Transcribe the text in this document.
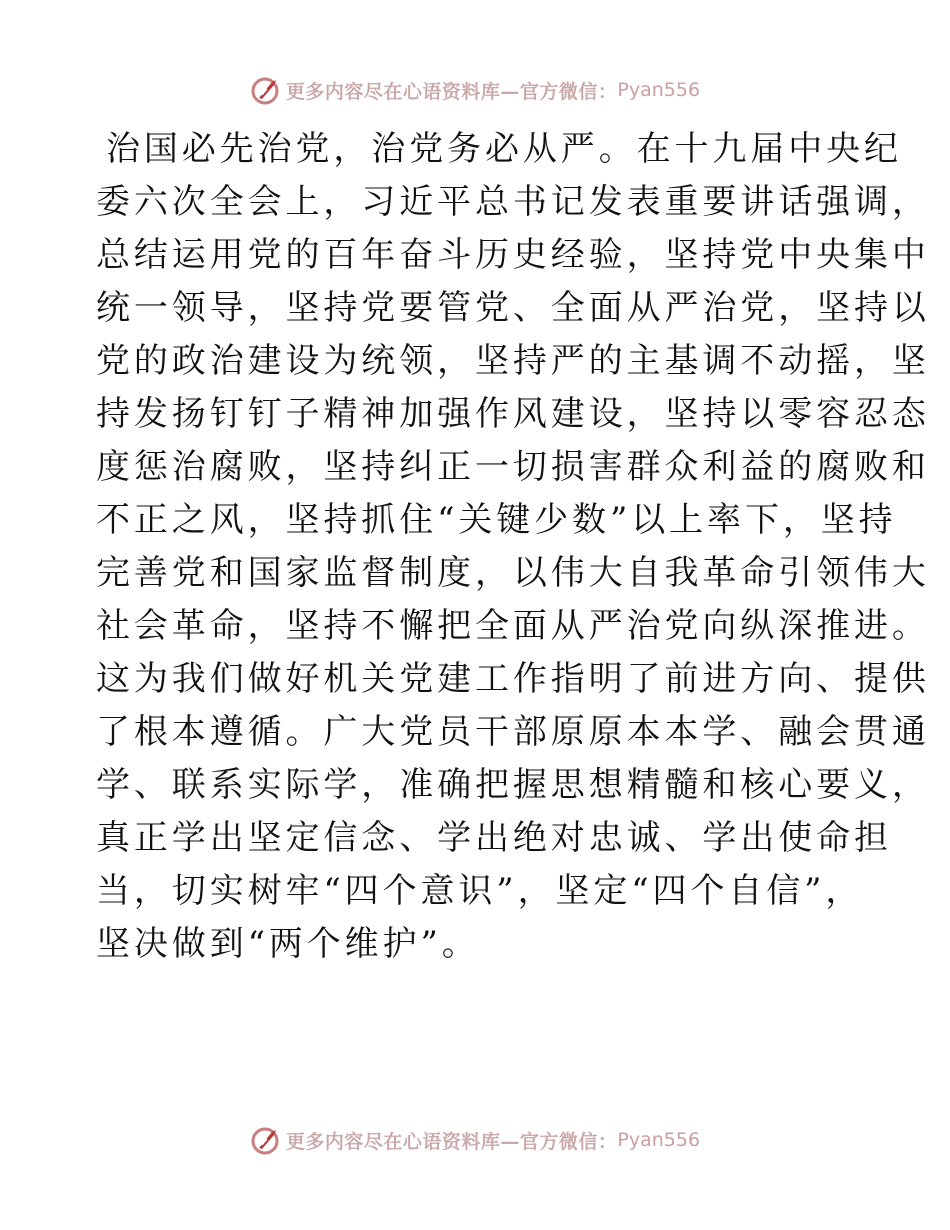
更多内容尽在心语资料库—官方微信： Pyan556
治国必先治党，治党务必从严。在十九届中央纪
委六次全会上，习近平总书记发表重要讲话强调，
总结运用党的百年奋斗历史经验，坚持党中央集中
统一领导，坚持党要管党、全面从严治党，坚持以
党的政治建设为统领，坚持严的主基调不动摇，坚
持发扬钉钉子精神加强作风建设，坚持以零容忍态
度惩治腐败，坚持纠正一切损害群众利益的腐败和
不正之风，坚持抓住“关键少数”以上率下，坚持
完善党和国家监督制度，以伟大自我革命引领伟大
社会革命，坚持不懈把全面从严治党向纵深推进。
这为我们做好机关党建工作指明了前进方向、提供
了根本遵循。广大党员干部原原本本学、融会贯通
学、联系实际学，准确把握思想精髓和核心要义，
真正学出坚定信念、学出绝对忠诚、学出使命担
当，切实树牢“四个意识”，坚定“四个自信”，
坚决做到“两个维护”。
更多内容尽在心语资料库—官方微信： Pyan556
